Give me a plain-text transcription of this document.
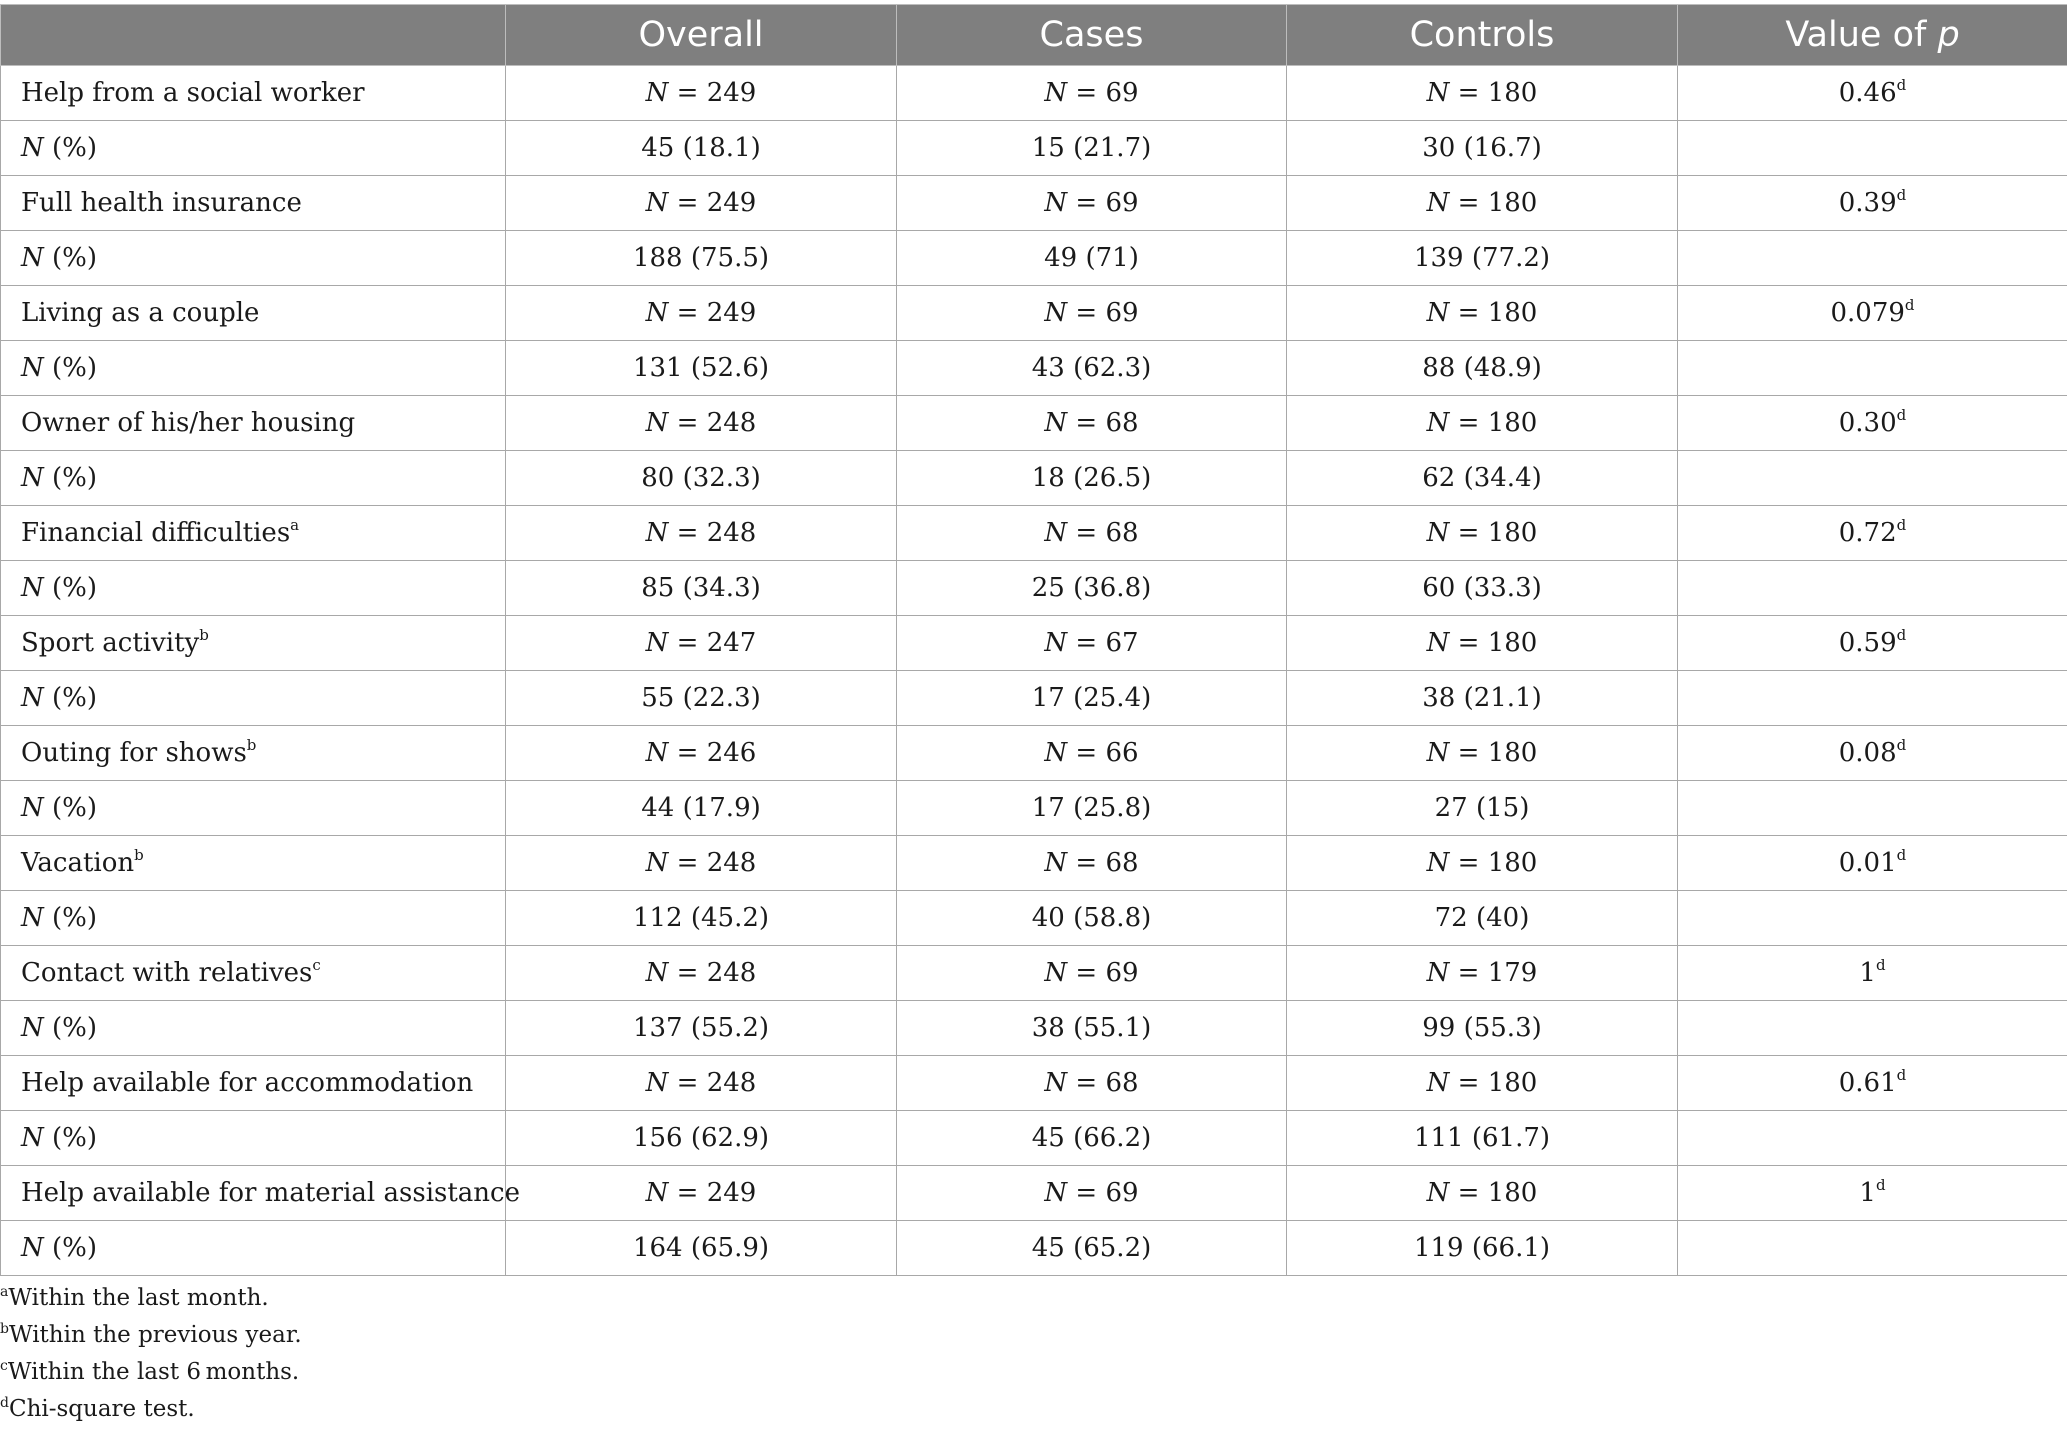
	Overall	Cases	Controls	Value of p
Help from a social worker	N = 249	N = 69	N = 180	0.46$^d$
N (%)	45 (18.1)	15 (21.7)	30 (16.7)	
Full health insurance	N = 249	N = 69	N = 180	0.39$^d$
N (%)	188 (75.5)	49 (71)	139 (77.2)	
Living as a couple	N = 249	N = 69	N = 180	0.079$^d$
N (%)	131 (52.6)	43 (62.3)	88 (48.9)	
Owner of his/her housing	N = 248	N = 68	N = 180	0.30$^d$
N (%)	80 (32.3)	18 (26.5)	62 (34.4)	
Financial difficulties$^a$	N = 248	N = 68	N = 180	0.72$^d$
N (%)	85 (34.3)	25 (36.8)	60 (33.3)	
Sport activity$^b$	N = 247	N = 67	N = 180	0.59$^d$
N (%)	55 (22.3)	17 (25.4)	38 (21.1)	
Outing for shows$^b$	N = 246	N = 66	N = 180	0.08$^d$
N (%)	44 (17.9)	17 (25.8)	27 (15)	
Vacation$^b$	N = 248	N = 68	N = 180	0.01$^d$
N (%)	112 (45.2)	40 (58.8)	72 (40)	
Contact with relatives$^c$	N = 248	N = 69	N = 179	1$^d$
N (%)	137 (55.2)	38 (55.1)	99 (55.3)	
Help available for accommodation	N = 248	N = 68	N = 180	0.61$^d$
N (%)	156 (62.9)	45 (66.2)	111 (61.7)	
Help available for material assistance	N = 249	N = 69	N = 180	1$^d$
N (%)	164 (65.9)	45 (65.2)	119 (66.1)	
$^a$Within the last month.
$^b$Within the previous year.
$^c$Within the last 6 months.
$^d$Chi-square test.
